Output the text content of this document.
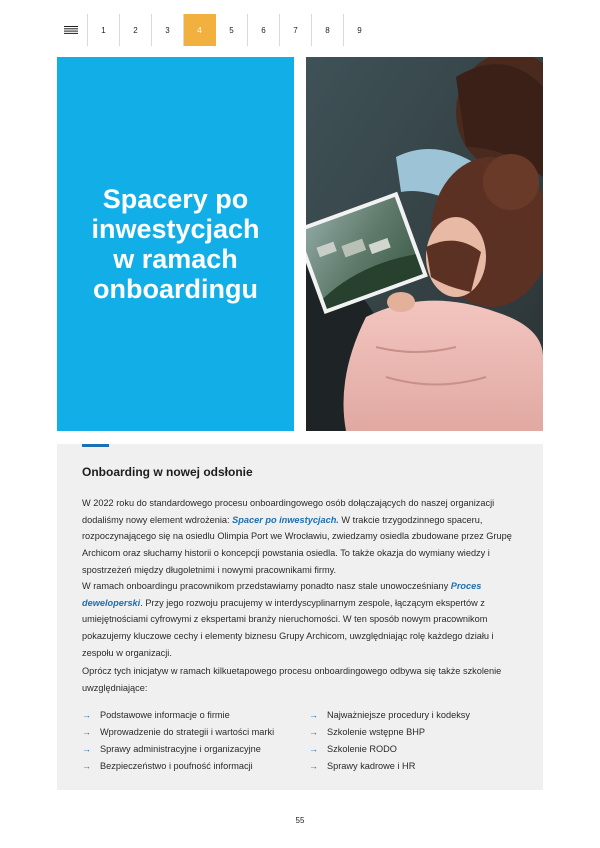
1	2	3	4	5	6	7	8	9
Spacery po
inwestycjach
w ramach
onboardingu
Onboarding w nowej odsłonie

W 2022 roku do standardowego procesu onboardingowego osób dołączających do naszej organizacji dodaliśmy nowy element wdrożenia: Spacer po inwestycjach. W trakcie trzygodzinnego spaceru, rozpoczynającego się na osiedlu Olimpia Port we Wrocławiu, zwiedzamy osiedla zbudowane przez Grupę Archicom oraz słuchamy historii o koncepcji powstania osiedla. To także okazja do wymiany wiedzy i spostrzeżeń między długoletnimi i nowymi pracownikami firmy.

W ramach onboardingu pracownikom przedstawiamy ponadto nasz stale unowocześniany Proces deweloperski. Przy jego rozwoju pracujemy w interdyscyplinarnym zespole, łączącym ekspertów z umiejętnościami cyfrowymi z ekspertami branży nieruchomości. W ten sposób nowym pracownikom pokazujemy kluczowe cechy i elementy biznesu Grupy Archicom, uwzględniając rolę każdego działu i zespołu w organizacji.

Oprócz tych inicjatyw w ramach kilkuetapowego procesu onboardingowego odbywa się także szkolenie uwzględniające:

→ Podstawowe informacje o firmie
→ Wprowadzenie do strategii i wartości marki
→ Sprawy administracyjne i organizacyjne
→ Bezpieczeństwo i poufność informacji
→ Najważniejsze procedury i kodeksy
→ Szkolenie wstępne BHP
→ Szkolenie RODO
→ Sprawy kadrowe i HR
55
